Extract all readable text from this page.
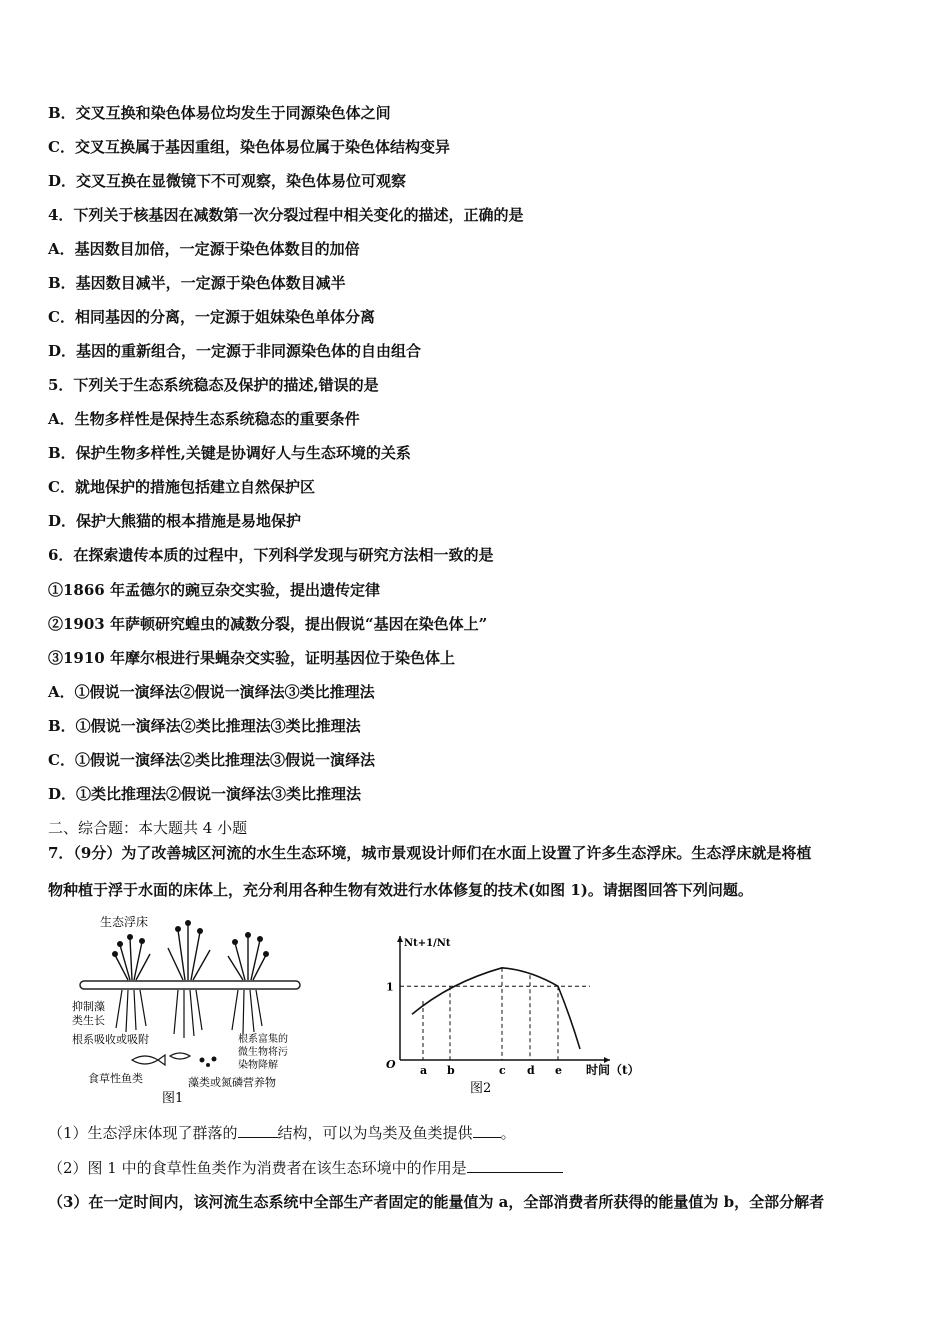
B．交叉互换和染色体易位均发生于同源染色体之间
C．交叉互换属于基因重组，染色体易位属于染色体结构变异
D．交叉互换在显微镜下不可观察，染色体易位可观察
4．下列关于核基因在减数第一次分裂过程中相关变化的描述，正确的是
A．基因数目加倍，一定源于染色体数目的加倍
B．基因数目减半，一定源于染色体数目减半
C．相同基因的分离，一定源于姐妹染色单体分离
D．基因的重新组合，一定源于非同源染色体的自由组合
5．下列关于生态系统稳态及保护的描述,错误的是
A．生物多样性是保持生态系统稳态的重要条件
B．保护生物多样性,关键是协调好人与生态环境的关系
C．就地保护的措施包括建立自然保护区
D．保护大熊猫的根本措施是易地保护
6．在探索遗传本质的过程中，下列科学发现与研究方法相一致的是
①1866 年孟德尔的豌豆杂交实验，提出遗传定律
②1903 年萨顿研究蝗虫的减数分裂，提出假说“基因在染色体上”
③1910 年摩尔根进行果蝇杂交实验，证明基因位于染色体上
A．①假说一演绎法②假说一演绎法③类比推理法
B．①假说一演绎法②类比推理法③类比推理法
C．①假说一演绎法②类比推理法③假说一演绎法
D．①类比推理法②假说一演绎法③类比推理法
二、综合题：本大题共 4 小题
7．（9分）为了改善城区河流的水生生态环境，城市景观设计师们在水面上设置了许多生态浮床。生态浮床就是将植
物种植于浮于水面的床体上，充分利用各种生物有效进行水体修复的技术(如图 1)。请据图回答下列问题。
生态浮床
抑制藻
类生长
根系吸收或吸附	根系富集的
微生物将污
染物降解
食草性鱼类	藻类或氮磷营养物
图1
a b	c d e
O
1
Nt+1/Nt
时间（t）
图2
（1）生态浮床体现了群落的	结构，可以为鸟类及鱼类提供 。
（2）图 1 中的食草性鱼类作为消费者在该生态环境中的作用是
（3）在一定时间内，该河流生态系统中全部生产者固定的能量值为 a，全部消费者所获得的能量值为 b，全部分解者
